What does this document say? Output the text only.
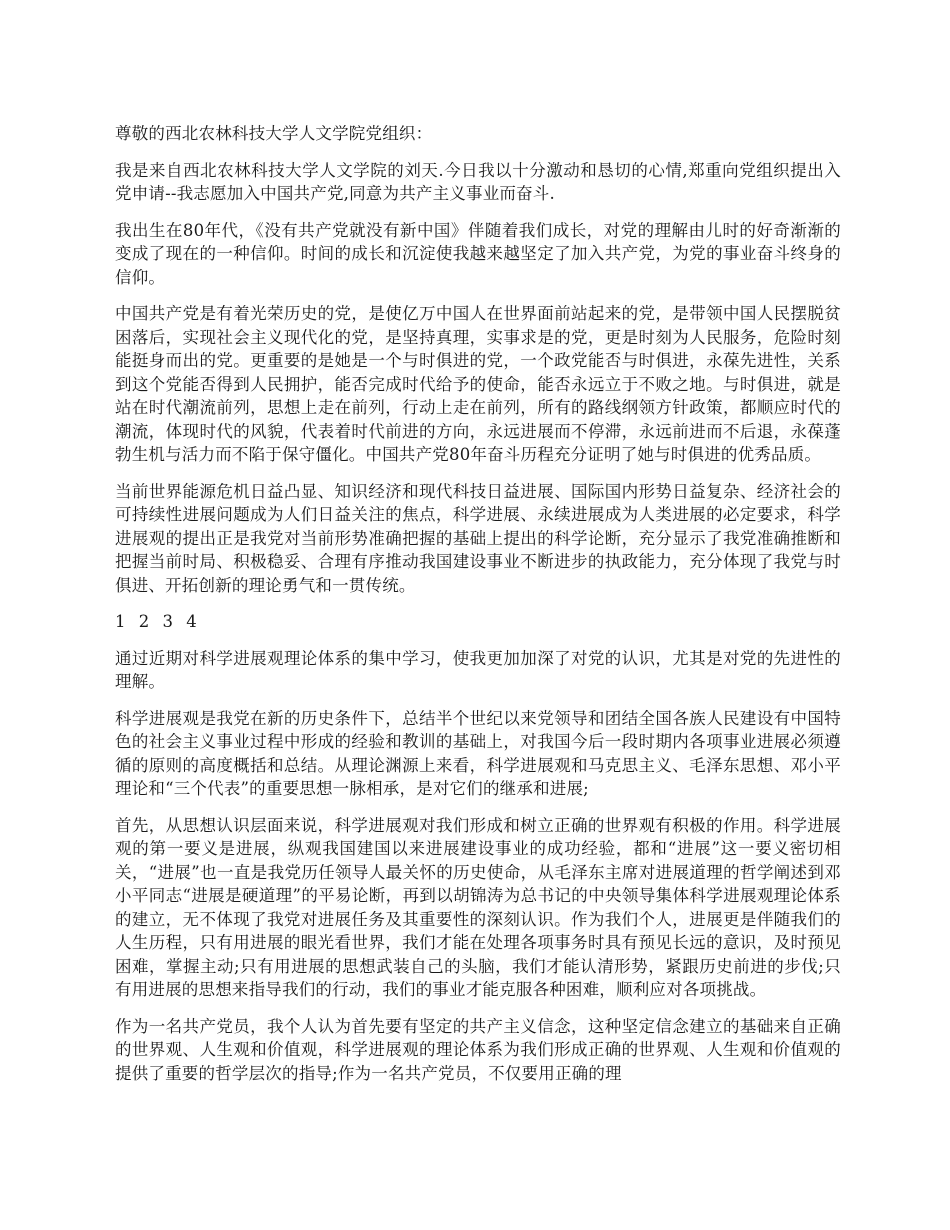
尊敬的西北农林科技大学人文学院党组织：

我是来自西北农林科技大学人文学院的刘天.今日我以十分激动和恳切的心情,郑重向党组织提出入党申请--我志愿加入中国共产党,同意为共产主义事业而奋斗.

我出生在80年代，《没有共产党就没有新中国》伴随着我们成长，对党的理解由儿时的好奇渐渐的变成了现在的一种信仰。时间的成长和沉淀使我越来越坚定了加入共产党，为党的事业奋斗终身的信仰。

中国共产党是有着光荣历史的党，是使亿万中国人在世界面前站起来的党，是带领中国人民摆脱贫困落后，实现社会主义现代化的党，是坚持真理，实事求是的党，更是时刻为人民服务，危险时刻能挺身而出的党。更重要的是她是一个与时俱进的党，一个政党能否与时俱进，永葆先进性，关系到这个党能否得到人民拥护，能否完成时代给予的使命，能否永远立于不败之地。与时俱进，就是站在时代潮流前列，思想上走在前列，行动上走在前列，所有的路线纲领方针政策，都顺应时代的潮流，体现时代的风貌，代表着时代前进的方向，永远进展而不停滞，永远前进而不后退，永葆蓬勃生机与活力而不陷于保守僵化。中国共产党80年奋斗历程充分证明了她与时俱进的优秀品质。

当前世界能源危机日益凸显、知识经济和现代科技日益进展、国际国内形势日益复杂、经济社会的可持续性进展问题成为人们日益关注的焦点，科学进展、永续进展成为人类进展的必定要求，科学进展观的提出正是我党对当前形势准确把握的基础上提出的科学论断，充分显示了我党准确推断和把握当前时局、积极稳妥、合理有序推动我国建设事业不断进步的执政能力，充分体现了我党与时俱进、开拓创新的理论勇气和一贯传统。

1 2 3 4

通过近期对科学进展观理论体系的集中学习，使我更加加深了对党的认识，尤其是对党的先进性的理解。

科学进展观是我党在新的历史条件下，总结半个世纪以来党领导和团结全国各族人民建设有中国特色的社会主义事业过程中形成的经验和教训的基础上，对我国今后一段时期内各项事业进展必须遵循的原则的高度概括和总结。从理论渊源上来看，科学进展观和马克思主义、毛泽东思想、邓小平理论和“三个代表”的重要思想一脉相承，是对它们的继承和进展;

首先，从思想认识层面来说，科学进展观对我们形成和树立正确的世界观有积极的作用。科学进展观的第一要义是进展，纵观我国建国以来进展建设事业的成功经验，都和“进展”这一要义密切相关，“进展”也一直是我党历任领导人最关怀的历史使命，从毛泽东主席对进展道理的哲学阐述到邓小平同志“进展是硬道理”的平易论断，再到以胡锦涛为总书记的中央领导集体科学进展观理论体系的建立，无不体现了我党对进展任务及其重要性的深刻认识。作为我们个人，进展更是伴随我们的人生历程，只有用进展的眼光看世界，我们才能在处理各项事务时具有预见长远的意识，及时预见困难，掌握主动;只有用进展的思想武装自己的头脑，我们才能认清形势，紧跟历史前进的步伐;只有用进展的思想来指导我们的行动，我们的事业才能克服各种困难，顺利应对各项挑战。

作为一名共产党员，我个人认为首先要有坚定的共产主义信念，这种坚定信念建立的基础来自正确的世界观、人生观和价值观，科学进展观的理论体系为我们形成正确的世界观、人生观和价值观的提供了重要的哲学层次的指导;作为一名共产党员，不仅要用正确的理
